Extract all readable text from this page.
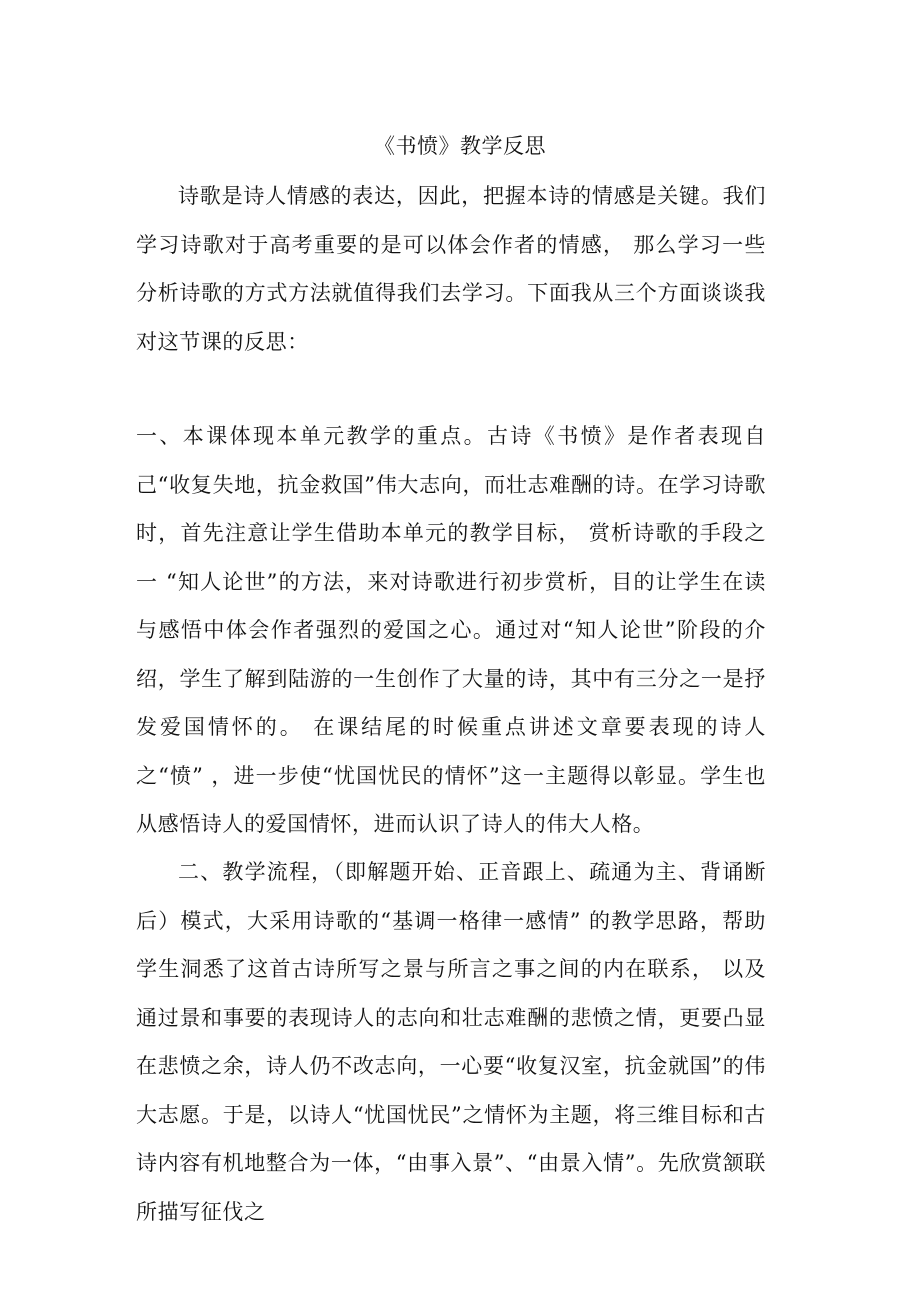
《书愤》教学反思

诗歌是诗人情感的表达，因此，把握本诗的情感是关键。我们学习诗歌对于高考重要的是可以体会作者的情感， 那么学习一些分析诗歌的方式方法就值得我们去学习。下面我从三个方面谈谈我对这节课的反思：

一、本课体现本单元教学的重点。古诗《书愤》是作者表现自己“收复失地，抗金救国”伟大志向，而壮志难酬的诗。在学习诗歌时，首先注意让学生借助本单元的教学目标， 赏析诗歌的手段之一 “知人论世”的方法，来对诗歌进行初步赏析，目的让学生在读与感悟中体会作者强烈的爱国之心。通过对“知人论世”阶段的介绍，学生了解到陆游的一生创作了大量的诗，其中有三分之一是抒发爱国情怀的。 在课结尾的时候重点讲述文章要表现的诗人之“愤” ，进一步使“忧国忧民的情怀”这一主题得以彰显。学生也从感悟诗人的爱国情怀，进而认识了诗人的伟大人格。

二、教学流程，（即解题开始、正音跟上、疏通为主、背诵断后）模式，大采用诗歌的“基调一格律一感情” 的教学思路，帮助学生洞悉了这首古诗所写之景与所言之事之间的内在联系， 以及通过景和事要的表现诗人的志向和壮志难酬的悲愤之情，更要凸显在悲愤之余，诗人仍不改志向，一心要“收复汉室，抗金就国”的伟大志愿。于是，以诗人“忧国忧民”之情怀为主题，将三维目标和古诗内容有机地整合为一体，“由事入景”、“由景入情”。先欣赏颔联所描写征伐之
